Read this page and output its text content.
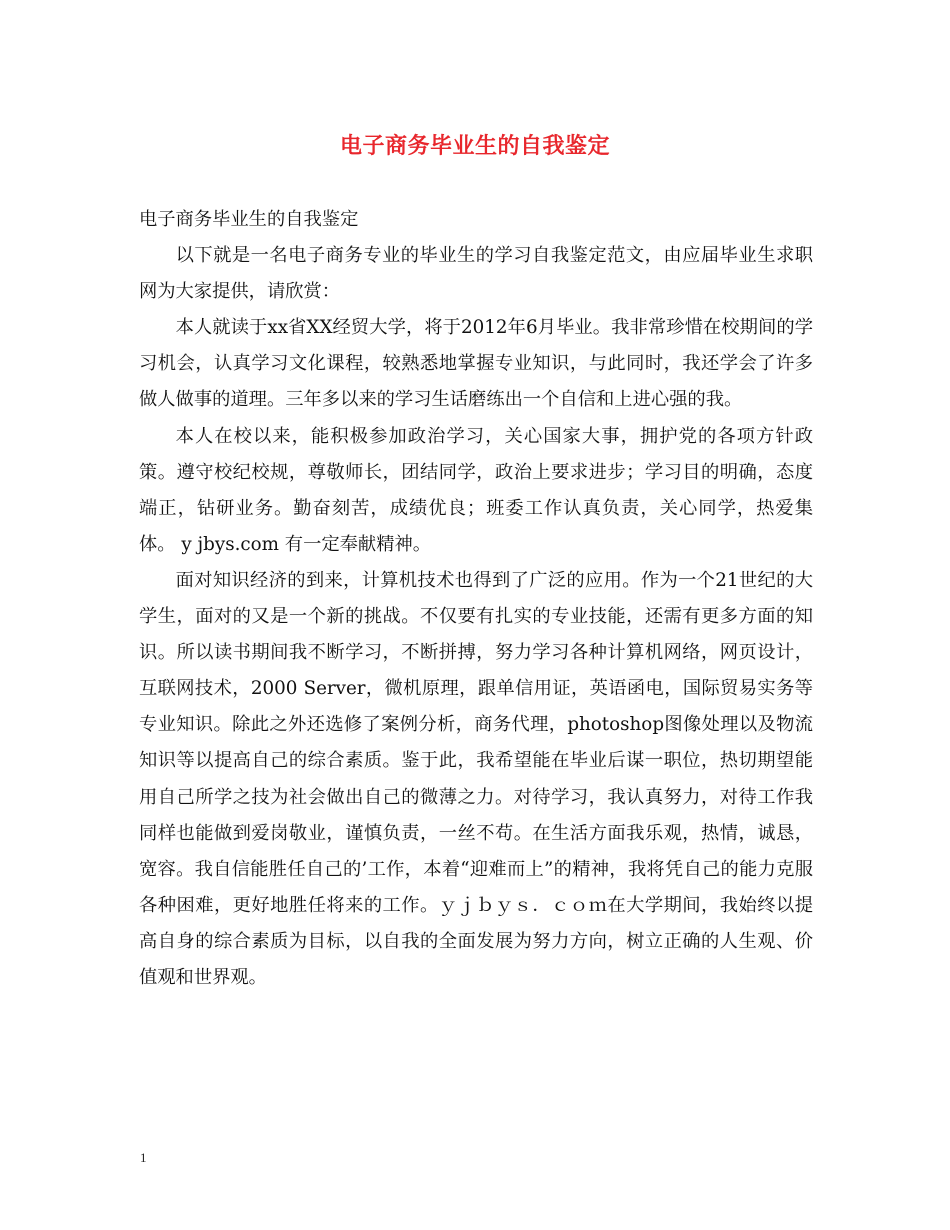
电子商务毕业生的自我鉴定

电子商务毕业生的自我鉴定

以下就是一名电子商务专业的毕业生的学习自我鉴定范文，由应届毕业生求职网为大家提供，请欣赏：

本人就读于xx省XX经贸大学，将于2012年6月毕业。我非常珍惜在校期间的学习机会，认真学习文化课程，较熟悉地掌握专业知识，与此同时，我还学会了许多做人做事的道理。三年多以来的学习生话磨练出一个自信和上进心强的我。

本人在校以来，能积极参加政治学习，关心国家大事，拥护党的各项方针政策。遵守校纪校规，尊敬师长，团结同学，政治上要求进步；学习目的明确，态度端正，钻研业务。勤奋刻苦，成绩优良；班委工作认真负责，关心同学，热爱集体。 y jbys.com 有一定奉献精神。

面对知识经济的到来，计算机技术也得到了广泛的应用。作为一个21世纪的大学生，面对的又是一个新的挑战。不仅要有扎实的专业技能，还需有更多方面的知识。所以读书期间我不断学习，不断拼搏，努力学习各种计算机网络，网页设计，互联网技术，2000 Server，微机原理，跟单信用证，英语函电，国际贸易实务等专业知识。除此之外还选修了案例分析，商务代理，photoshop图像处理以及物流知识等以提高自己的综合素质。鉴于此，我希望能在毕业后谋一职位，热切期望能用自己所学之技为社会做出自己的微薄之力。对待学习，我认真努力，对待工作我同样也能做到爱岗敬业，谨慎负责，一丝不苟。在生活方面我乐观，热情，诚恳，宽容。我自信能胜任自己的’工作，本着“迎难而上”的精神，我将凭自己的能力克服各种困难，更好地胜任将来的工作。ｙｊｂｙｓ．ｃｏｍ在大学期间，我始终以提高自身的综合素质为目标，以自我的全面发展为努力方向，树立正确的人生观、价值观和世界观。

1
